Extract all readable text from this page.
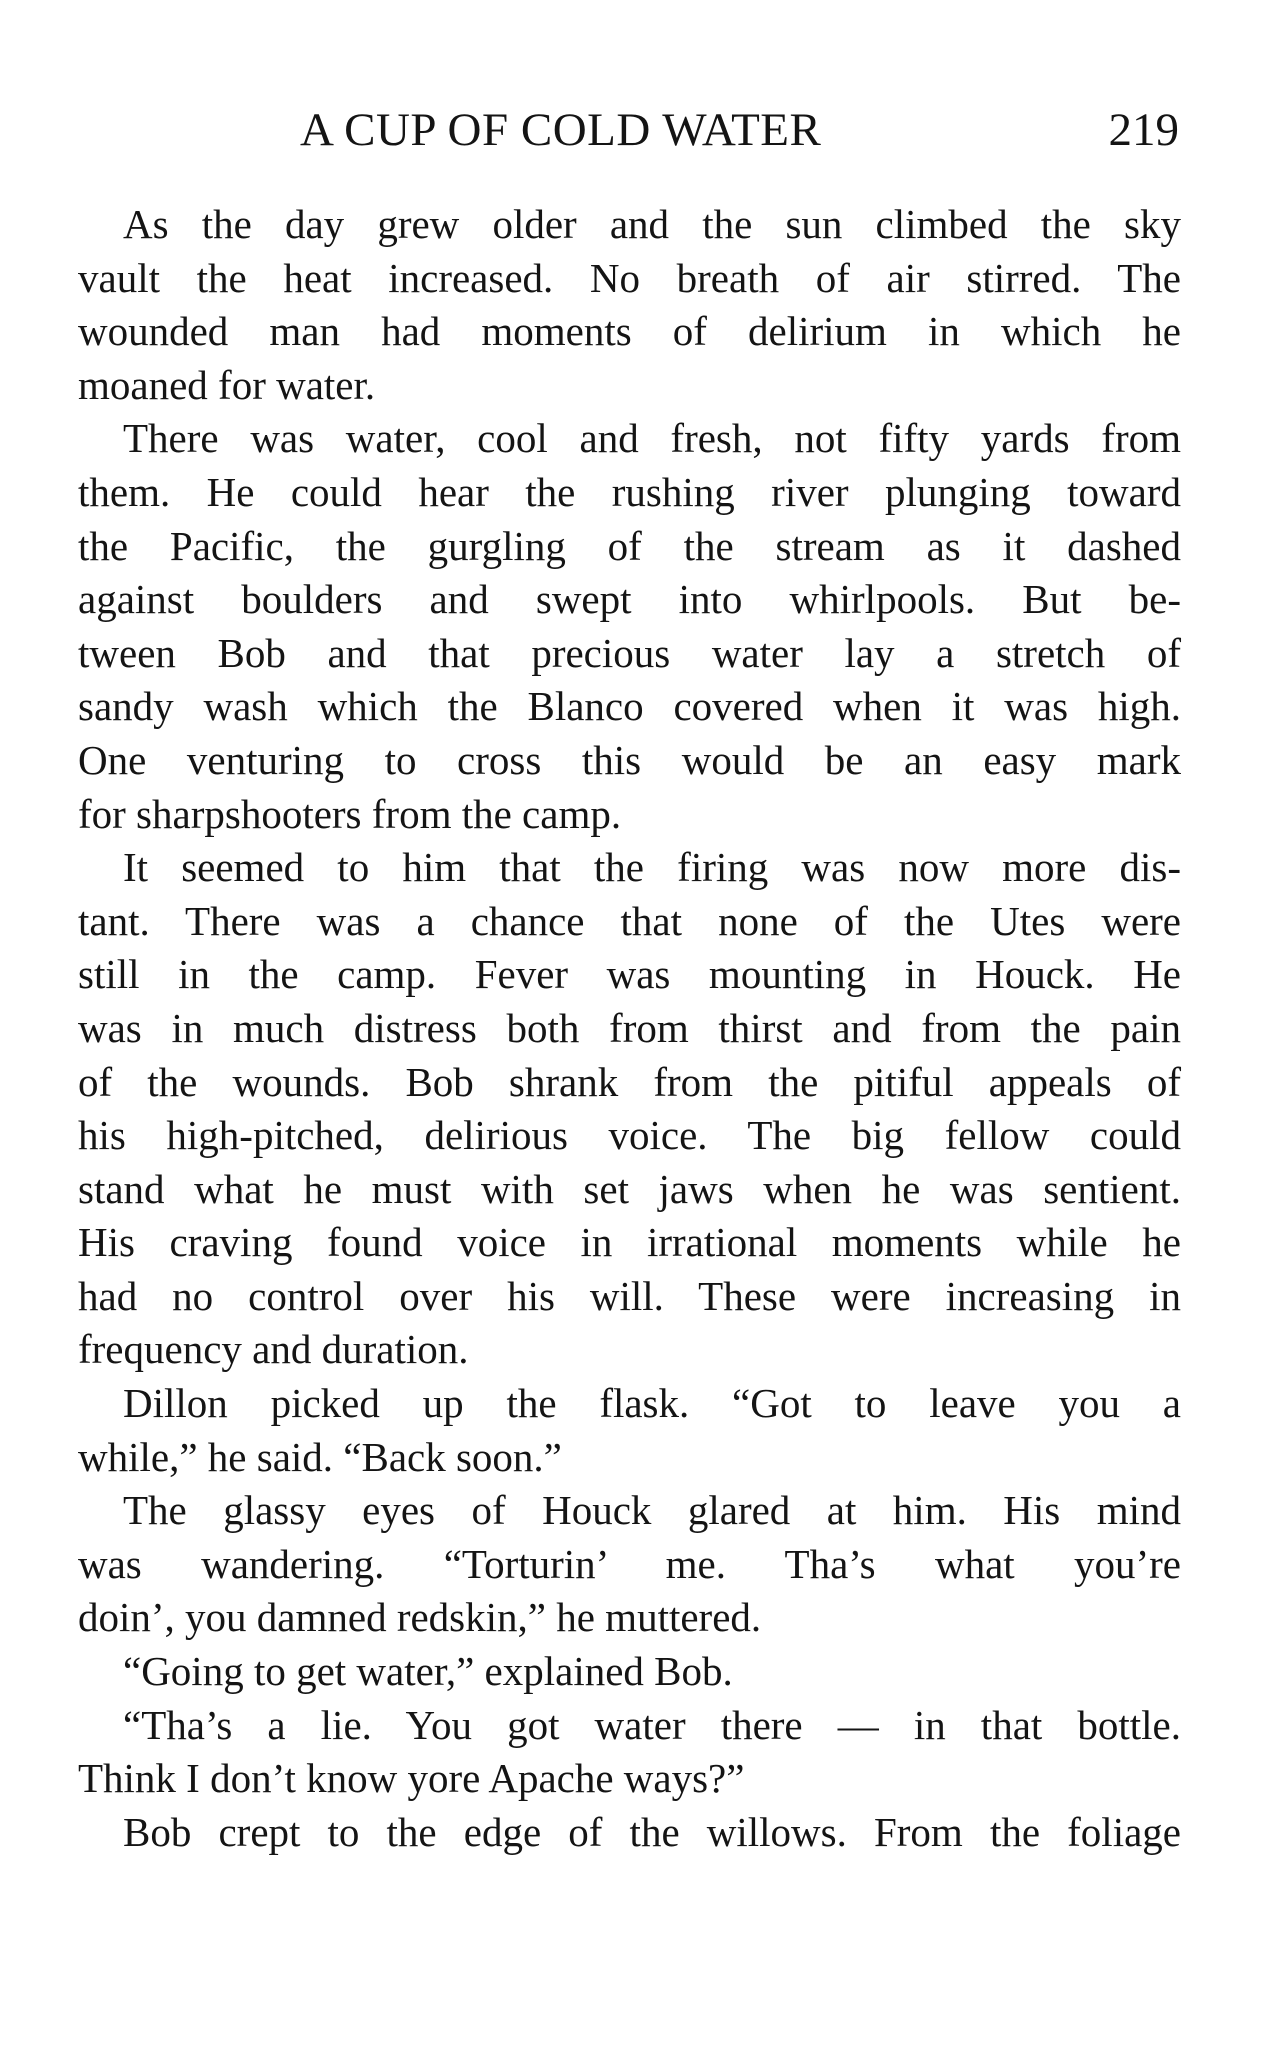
A CUP OF COLD WATER	219
As the day grew older and the sun climbed the sky
vault the heat increased. No breath of air stirred. The
wounded man had moments of delirium in which he
moaned for water.
There was water, cool and fresh, not fifty yards from
them. He could hear the rushing river plunging toward
the Pacific, the gurgling of the stream as it dashed
against boulders and swept into whirlpools. But be-
tween Bob and that precious water lay a stretch of
sandy wash which the Blanco covered when it was high.
One venturing to cross this would be an easy mark
for sharpshooters from the camp.
It seemed to him that the firing was now more dis-
tant. There was a chance that none of the Utes were
still in the camp. Fever was mounting in Houck. He
was in much distress both from thirst and from the pain
of the wounds. Bob shrank from the pitiful appeals of
his high-pitched, delirious voice. The big fellow could
stand what he must with set jaws when he was sentient.
His craving found voice in irrational moments while he
had no control over his will. These were increasing in
frequency and duration.
Dillon picked up the flask. “Got to leave you a
while,” he said. “Back soon.”
The glassy eyes of Houck glared at him. His mind
was wandering. “Torturin’ me. Tha’s what you’re
doin’, you damned redskin,” he muttered.
“Going to get water,” explained Bob.
“Tha’s a lie. You got water there — in that bottle.
Think I don’t know yore Apache ways?”
Bob crept to the edge of the willows. From the foliage
